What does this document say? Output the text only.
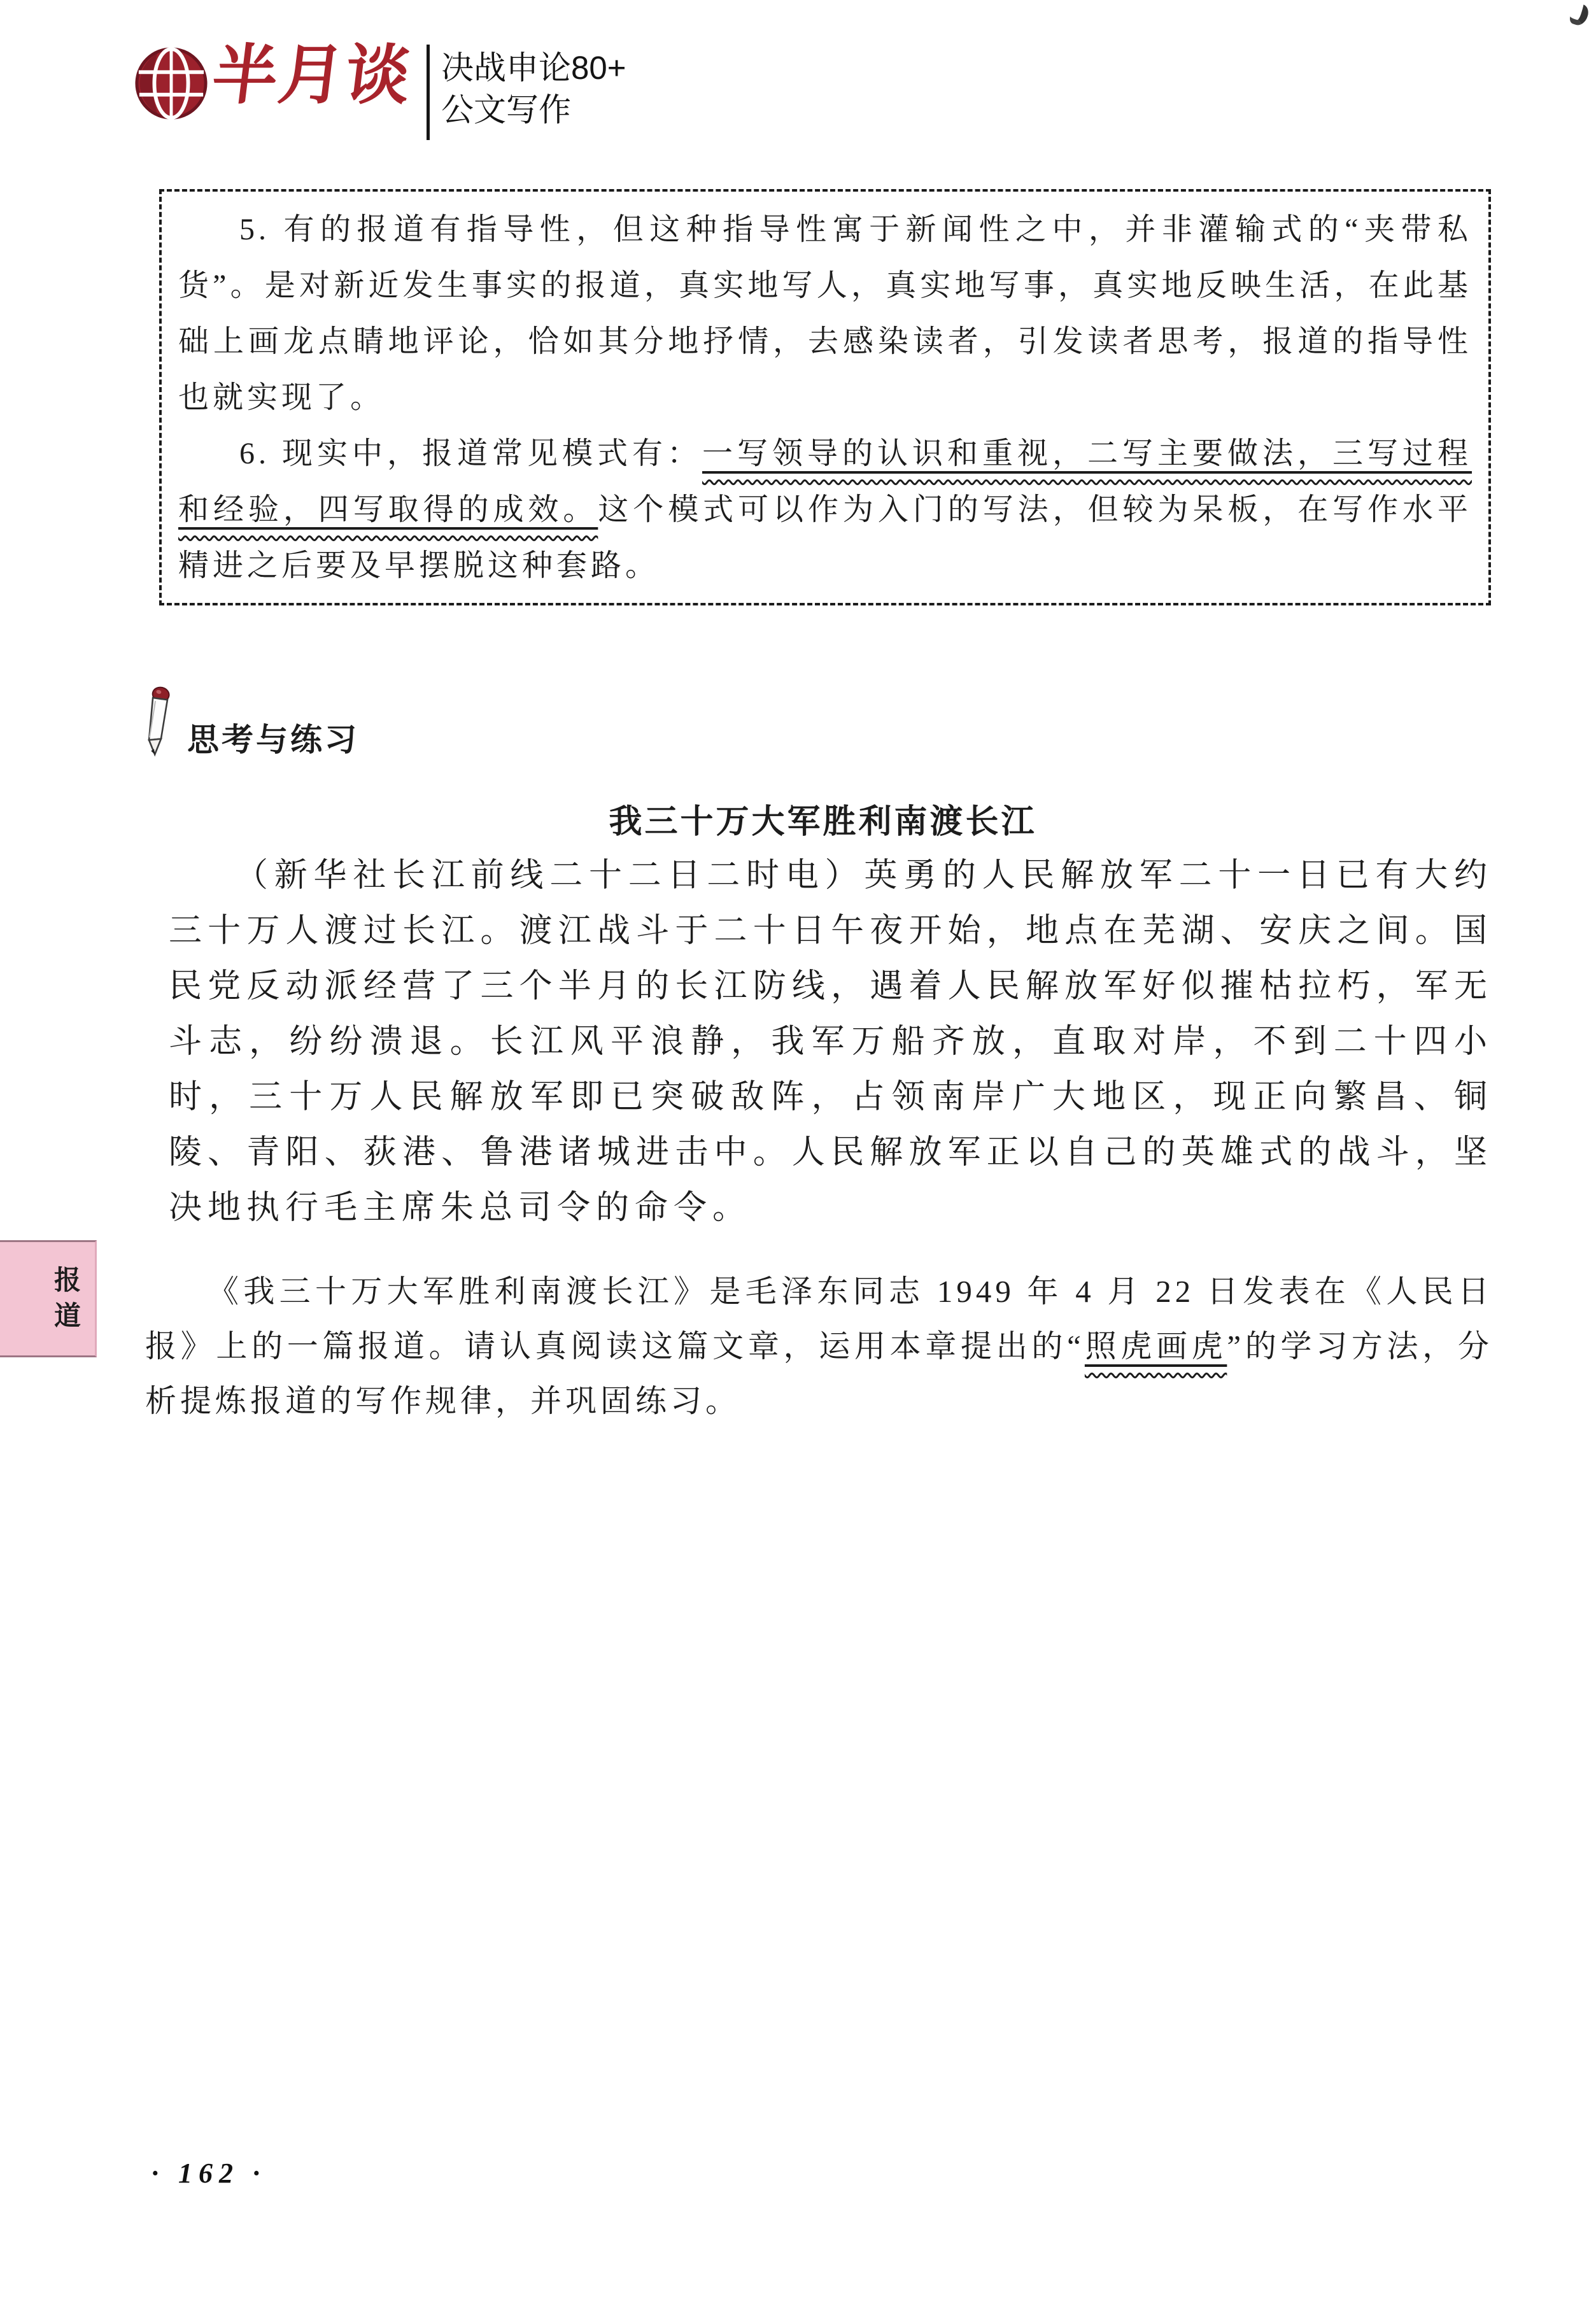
半月谈 决战申论80+
公文写作

5. 有的报道有指导性，但这种指导性寓于新闻性之中，并非灌输式的“夹带私货”。是对新近发生事实的报道，真实地写人，真实地写事，真实地反映生活，在此基础上画龙点睛地评论，恰如其分地抒情，去感染读者，引发读者思考，报道的指导性也就实现了。

6. 现实中，报道常见模式有：一写领导的认识和重视，二写主要做法，三写过程和经验，四写取得的成效。这个模式可以作为入门的写法，但较为呆板，在写作水平精进之后要及早摆脱这种套路。

思考与练习
我三十万大军胜利南渡长江
（新华社长江前线二十二日二时电）英勇的人民解放军二十一日已有大约三十万人渡过长江。渡江战斗于二十日午夜开始，地点在芜湖、安庆之间。国民党反动派经营了三个半月的长江防线，遇着人民解放军好似摧枯拉朽，军无斗志，纷纷溃退。长江风平浪静，我军万船齐放，直取对岸，不到二十四小时，三十万人民解放军即已突破敌阵，占领南岸广大地区，现正向繁昌、铜陵、青阳、荻港、鲁港诸城进击中。人民解放军正以自己的英雄式的战斗，坚决地执行毛主席朱总司令的命令。
《我三十万大军胜利南渡长江》是毛泽东同志 1949 年 4 月 22 日发表在《人民日报》上的一篇报道。请认真阅读这篇文章，运用本章提出的“照虎画虎”的学习方法，分析提炼报道的写作规律，并巩固练习。
报
道
· 162 ·
